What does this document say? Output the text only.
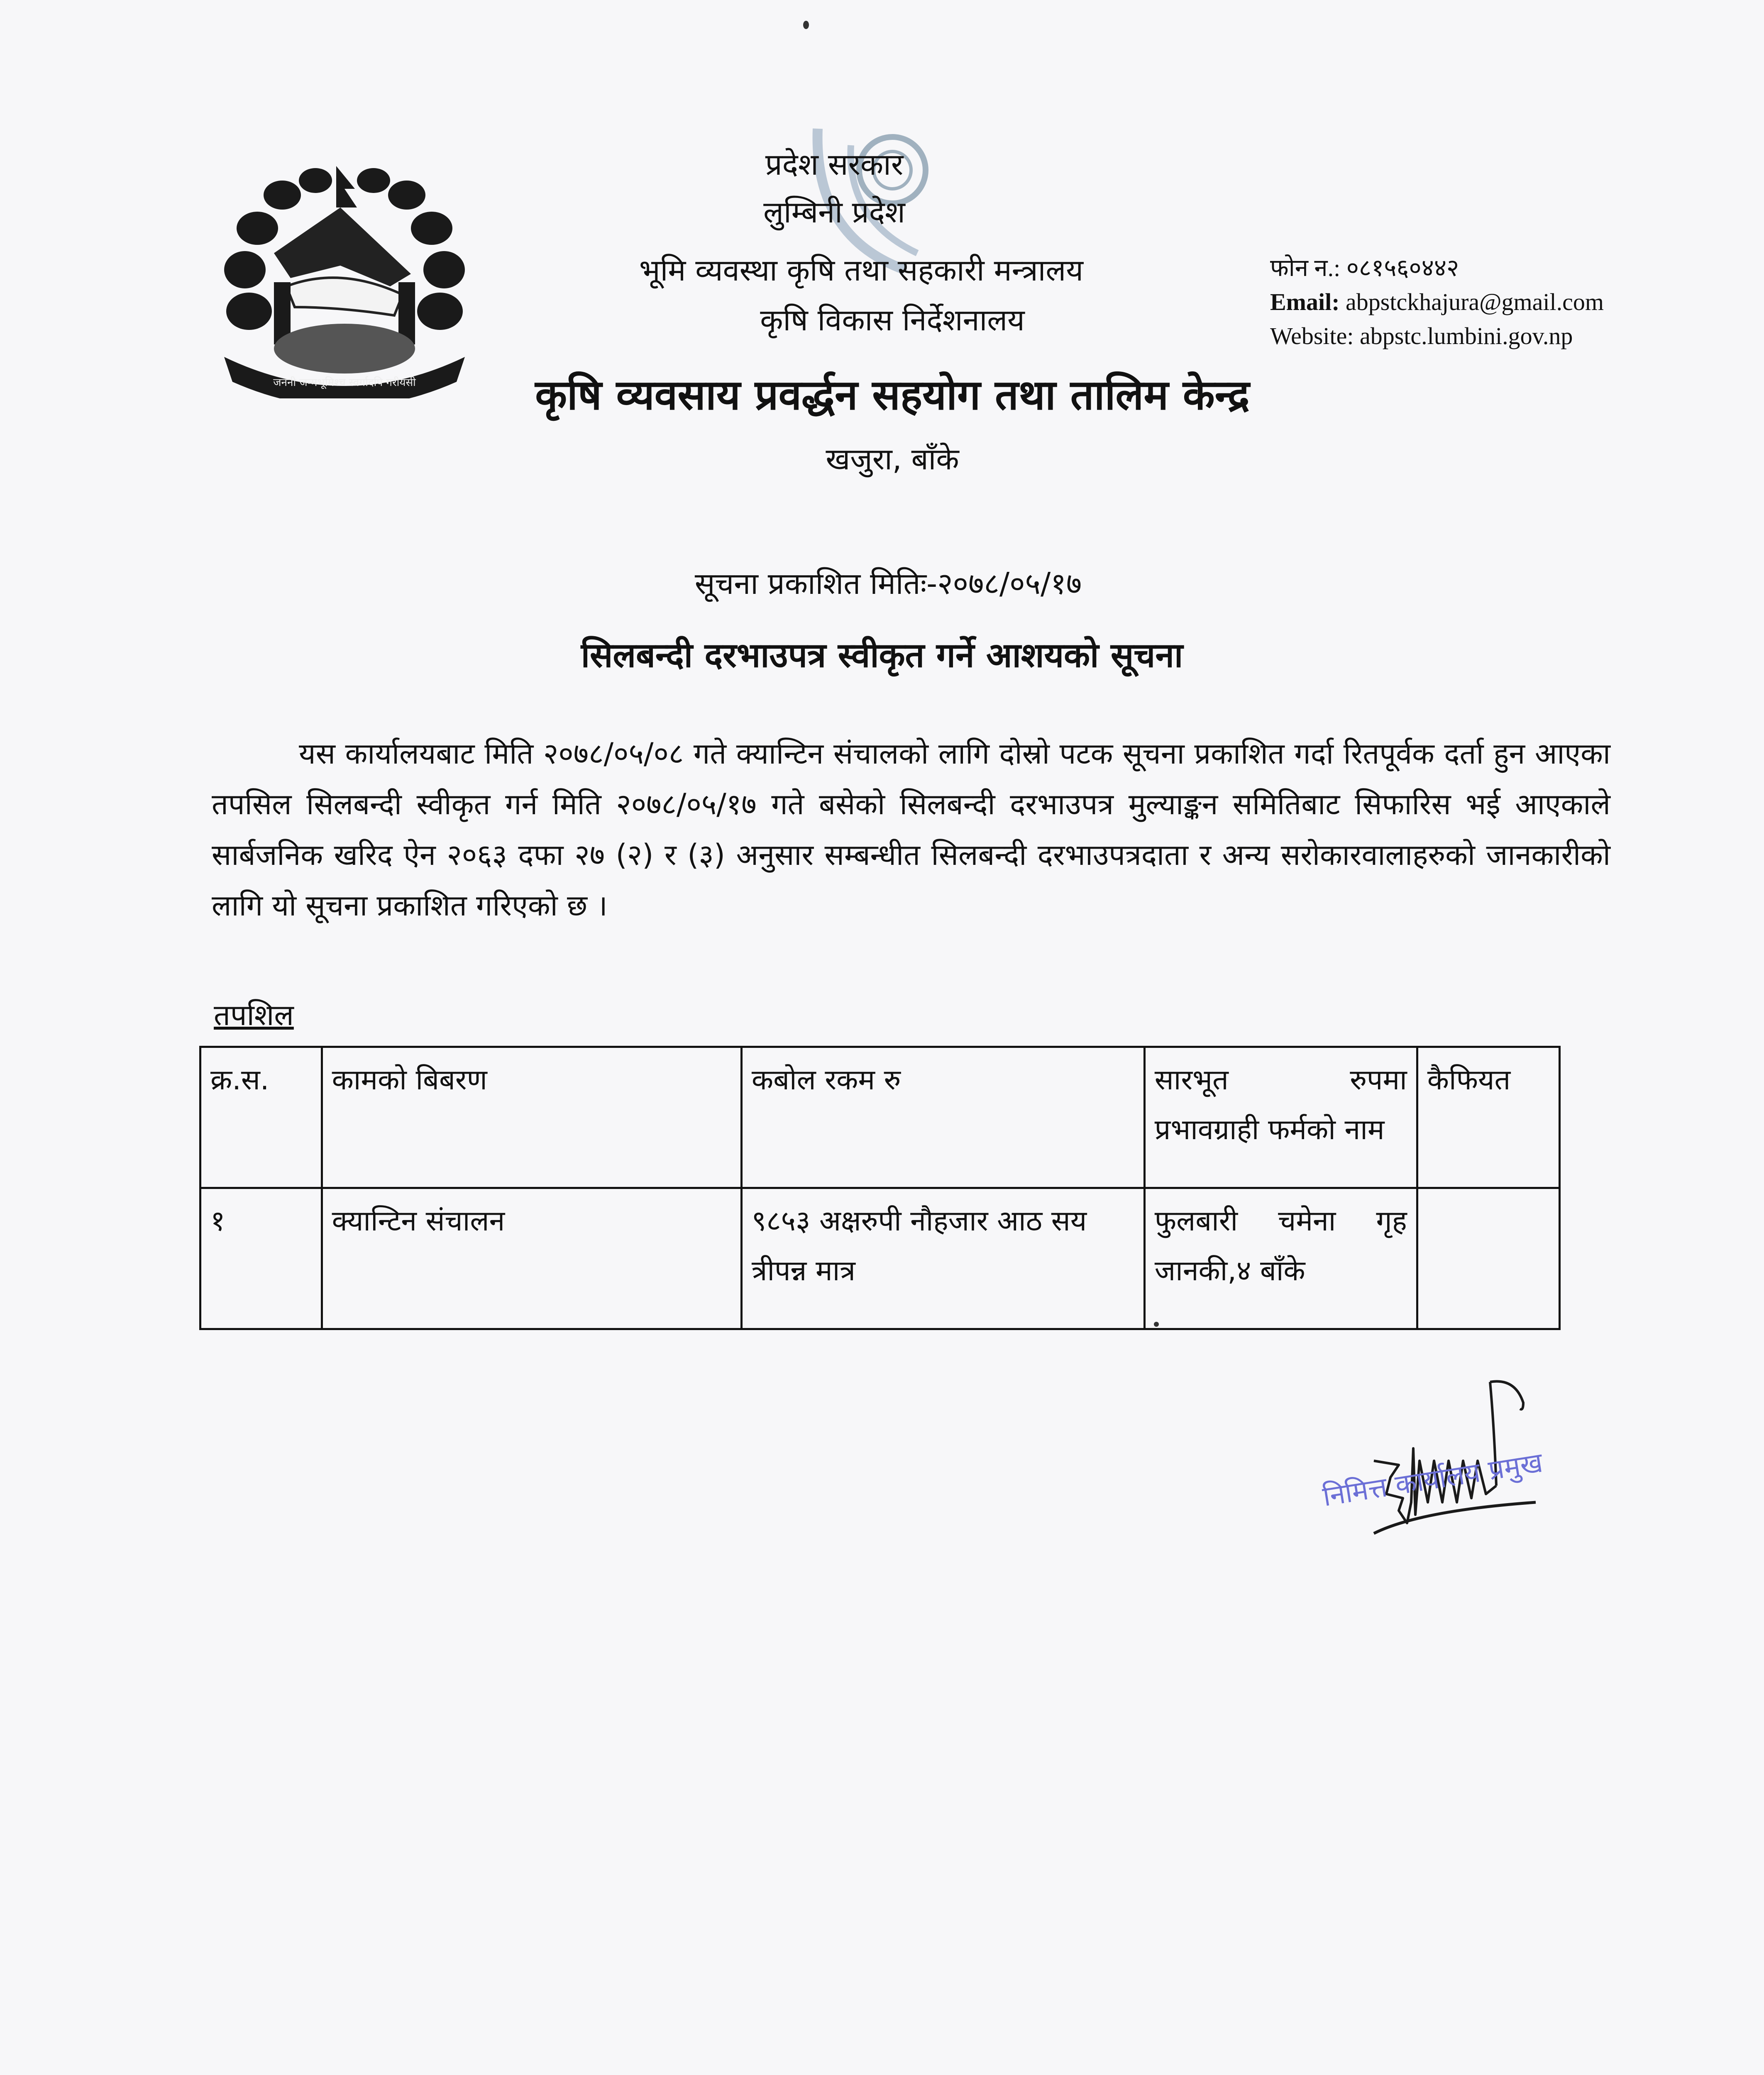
जननी जन्मभूमिश्च स्वर्गादपि गरीयसी
प्रदेश सरकार
लुम्बिनी प्रदेश
भूमि व्यवस्था कृषि तथा सहकारी मन्त्रालय
कृषि विकास निर्देशनालय
कृषि व्यवसाय प्रवर्द्धन सहयोग तथा तालिम केन्द्र
खजुरा, बाँके
फोन न.: ०८१५६०४४२
Email: abpstckhajura@gmail.com
Website: abpstc.lumbini.gov.np
सूचना प्रकाशित मितिः-२०७८/०५/१७
सिलबन्दी दरभाउपत्र स्वीकृत गर्ने आशयको सूचना
यस कार्यालयबाट मिति २०७८/०५/०८ गते क्यान्टिन संचालको लागि दोस्रो पटक सूचना प्रकाशित गर्दा रितपूर्वक दर्ता हुन आएका तपसिल सिलबन्दी स्वीकृत गर्न मिति २०७८/०५/१७ गते बसेको सिलबन्दी दरभाउपत्र मुल्याङ्कन समितिबाट सिफारिस भई आएकाले सार्बजनिक खरिद ऐन २०६३ दफा २७ (२) र (३) अनुसार सम्बन्धीत सिलबन्दी दरभाउपत्रदाता र अन्य सरोकारवालाहरुको जानकारीको लागि यो सूचना प्रकाशित गरिएको छ ।
तपशिल
क्र.स.	कामको बिबरण	कबोल रकम रु	सारभूत रुपमा प्रभावग्राही फर्मको नाम	कैफियत
१	क्यान्टिन संचालन	९८५३ अक्षरुपी नौहजार आठ सय त्रीपन्न मात्र	फुलबारी चमेना गृह जानकी,४ बाँके	
निमित्त कार्यालय प्रमुख
